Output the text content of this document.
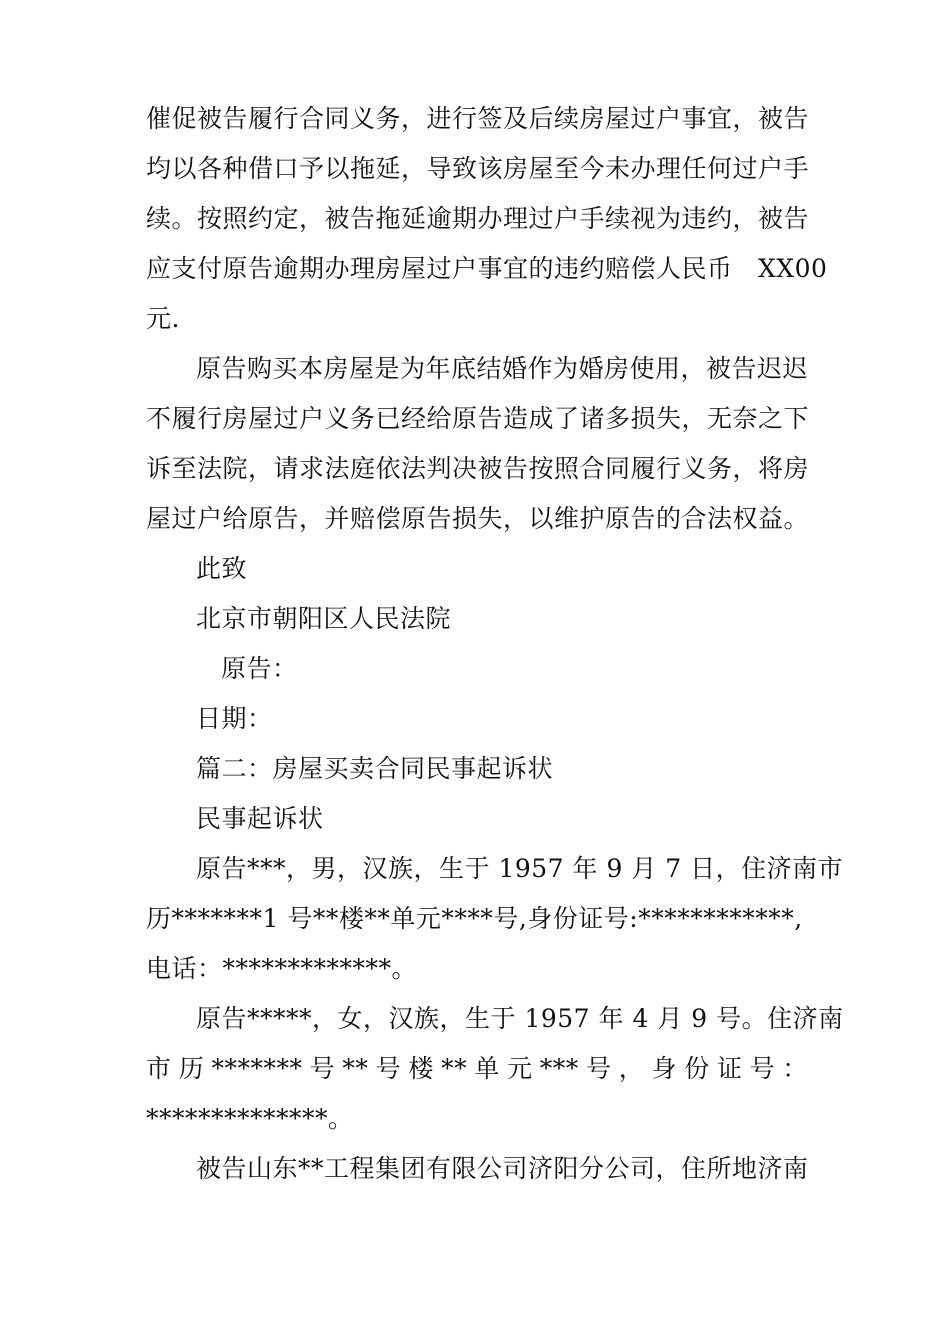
催促被告履行合同义务，进行签及后续房屋过户事宜，被告
均以各种借口予以拖延，导致该房屋至今未办理任何过户手
续。按照约定，被告拖延逾期办理过户手续视为违约，被告
应支付原告逾期办理房屋过户事宜的违约赔偿人民币　XX00
元.
原告购买本房屋是为年底结婚作为婚房使用，被告迟迟
不履行房屋过户义务已经给原告造成了诸多损失，无奈之下
诉至法院，请求法庭依法判决被告按照合同履行义务，将房
屋过户给原告，并赔偿原告损失，以维护原告的合法权益。
此致
北京市朝阳区人民法院
原告：
日期：
篇二：房屋买卖合同民事起诉状
民事起诉状
原告***，男，汉族，生于 1957 年 9 月 7 日，住济南市
历*******1 号**楼**单元****号,身份证号:************,
电话：*************。
原告*****，女，汉族，生于 1957 年 4 月 9 号。住济南
市 历 ******* 号 ** 号 楼 ** 单 元 *** 号 ， 身 份 证 号 ：
**************。
被告山东**工程集团有限公司济阳分公司，住所地济南
